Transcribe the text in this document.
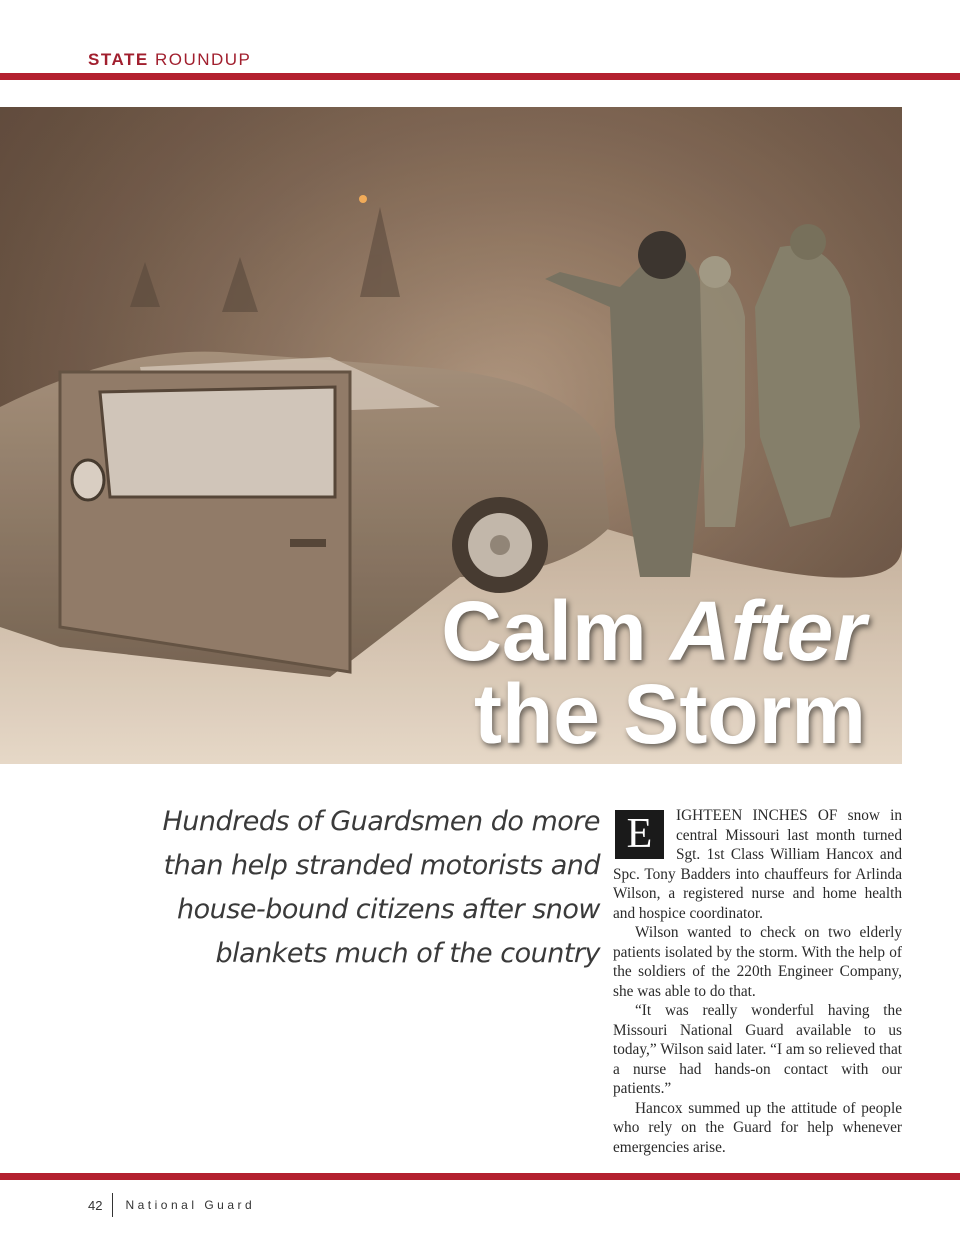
STATE ROUNDUP
Calm After
the Storm
Hundreds of Guardsmen do more
than help stranded motorists and
house-bound citizens after snow
blankets much of the country
E	IGHTEEN INCHES OF snow in central Missouri last month turned Sgt. 1st Class William Hancox and Spc. Tony Badders into chauffeurs for Arlinda Wilson, a registered nurse and home health and hospice coordinator.

Wilson wanted to check on two elderly patients isolated by the storm. With the help of the soldiers of the 220th Engineer Company, she was able to do that.

“It was really wonderful having the Missouri National Guard available to us today,” Wilson said later. “I am so relieved that a nurse had hands-on contact with our patients.”

Hancox summed up the attitude of people who rely on the Guard for help whenever emergencies arise.

42	National Guard
